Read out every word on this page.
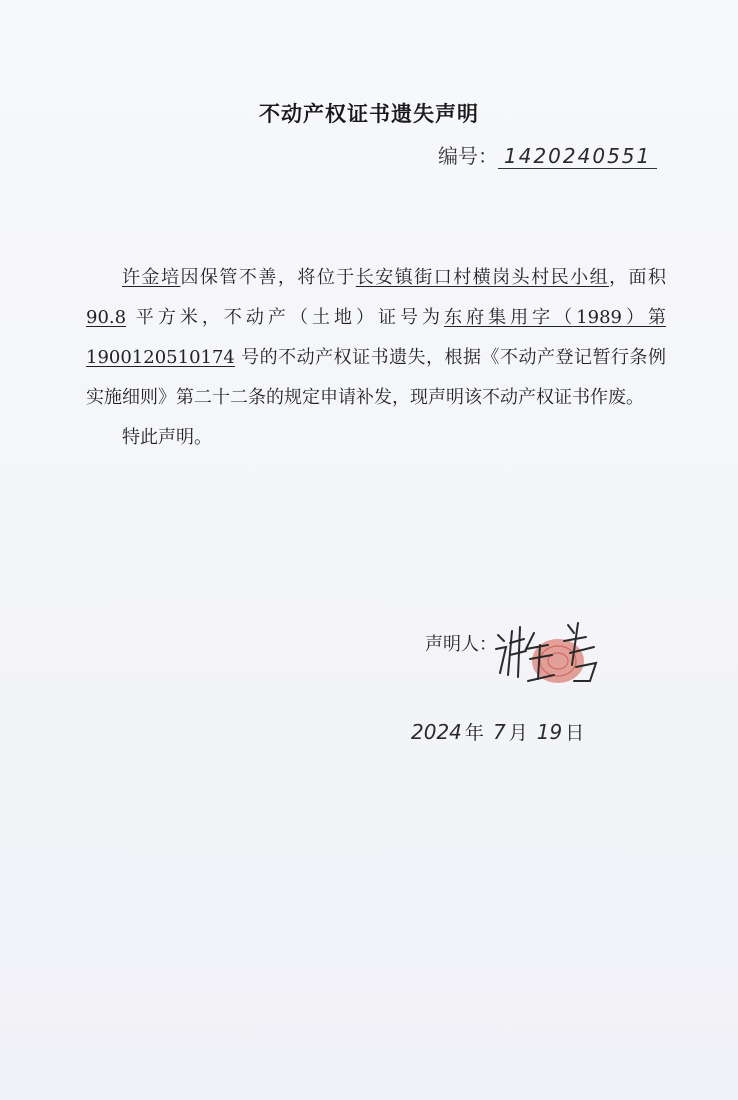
不动产权证书遗失声明
编号： 1420240551

许金培因保管不善，将位于长安镇街口村横岗头村民小组，面积 90.8 平方米，不动产（土地）证号为东府集用字（1989）第1900120510174 号的不动产权证书遗失，根据《不动产登记暂行条例实施细则》第二十二条的规定申请补发，现声明该不动产权证书作废。

特此声明。

声明人：
2024 年 7 月 19 日
